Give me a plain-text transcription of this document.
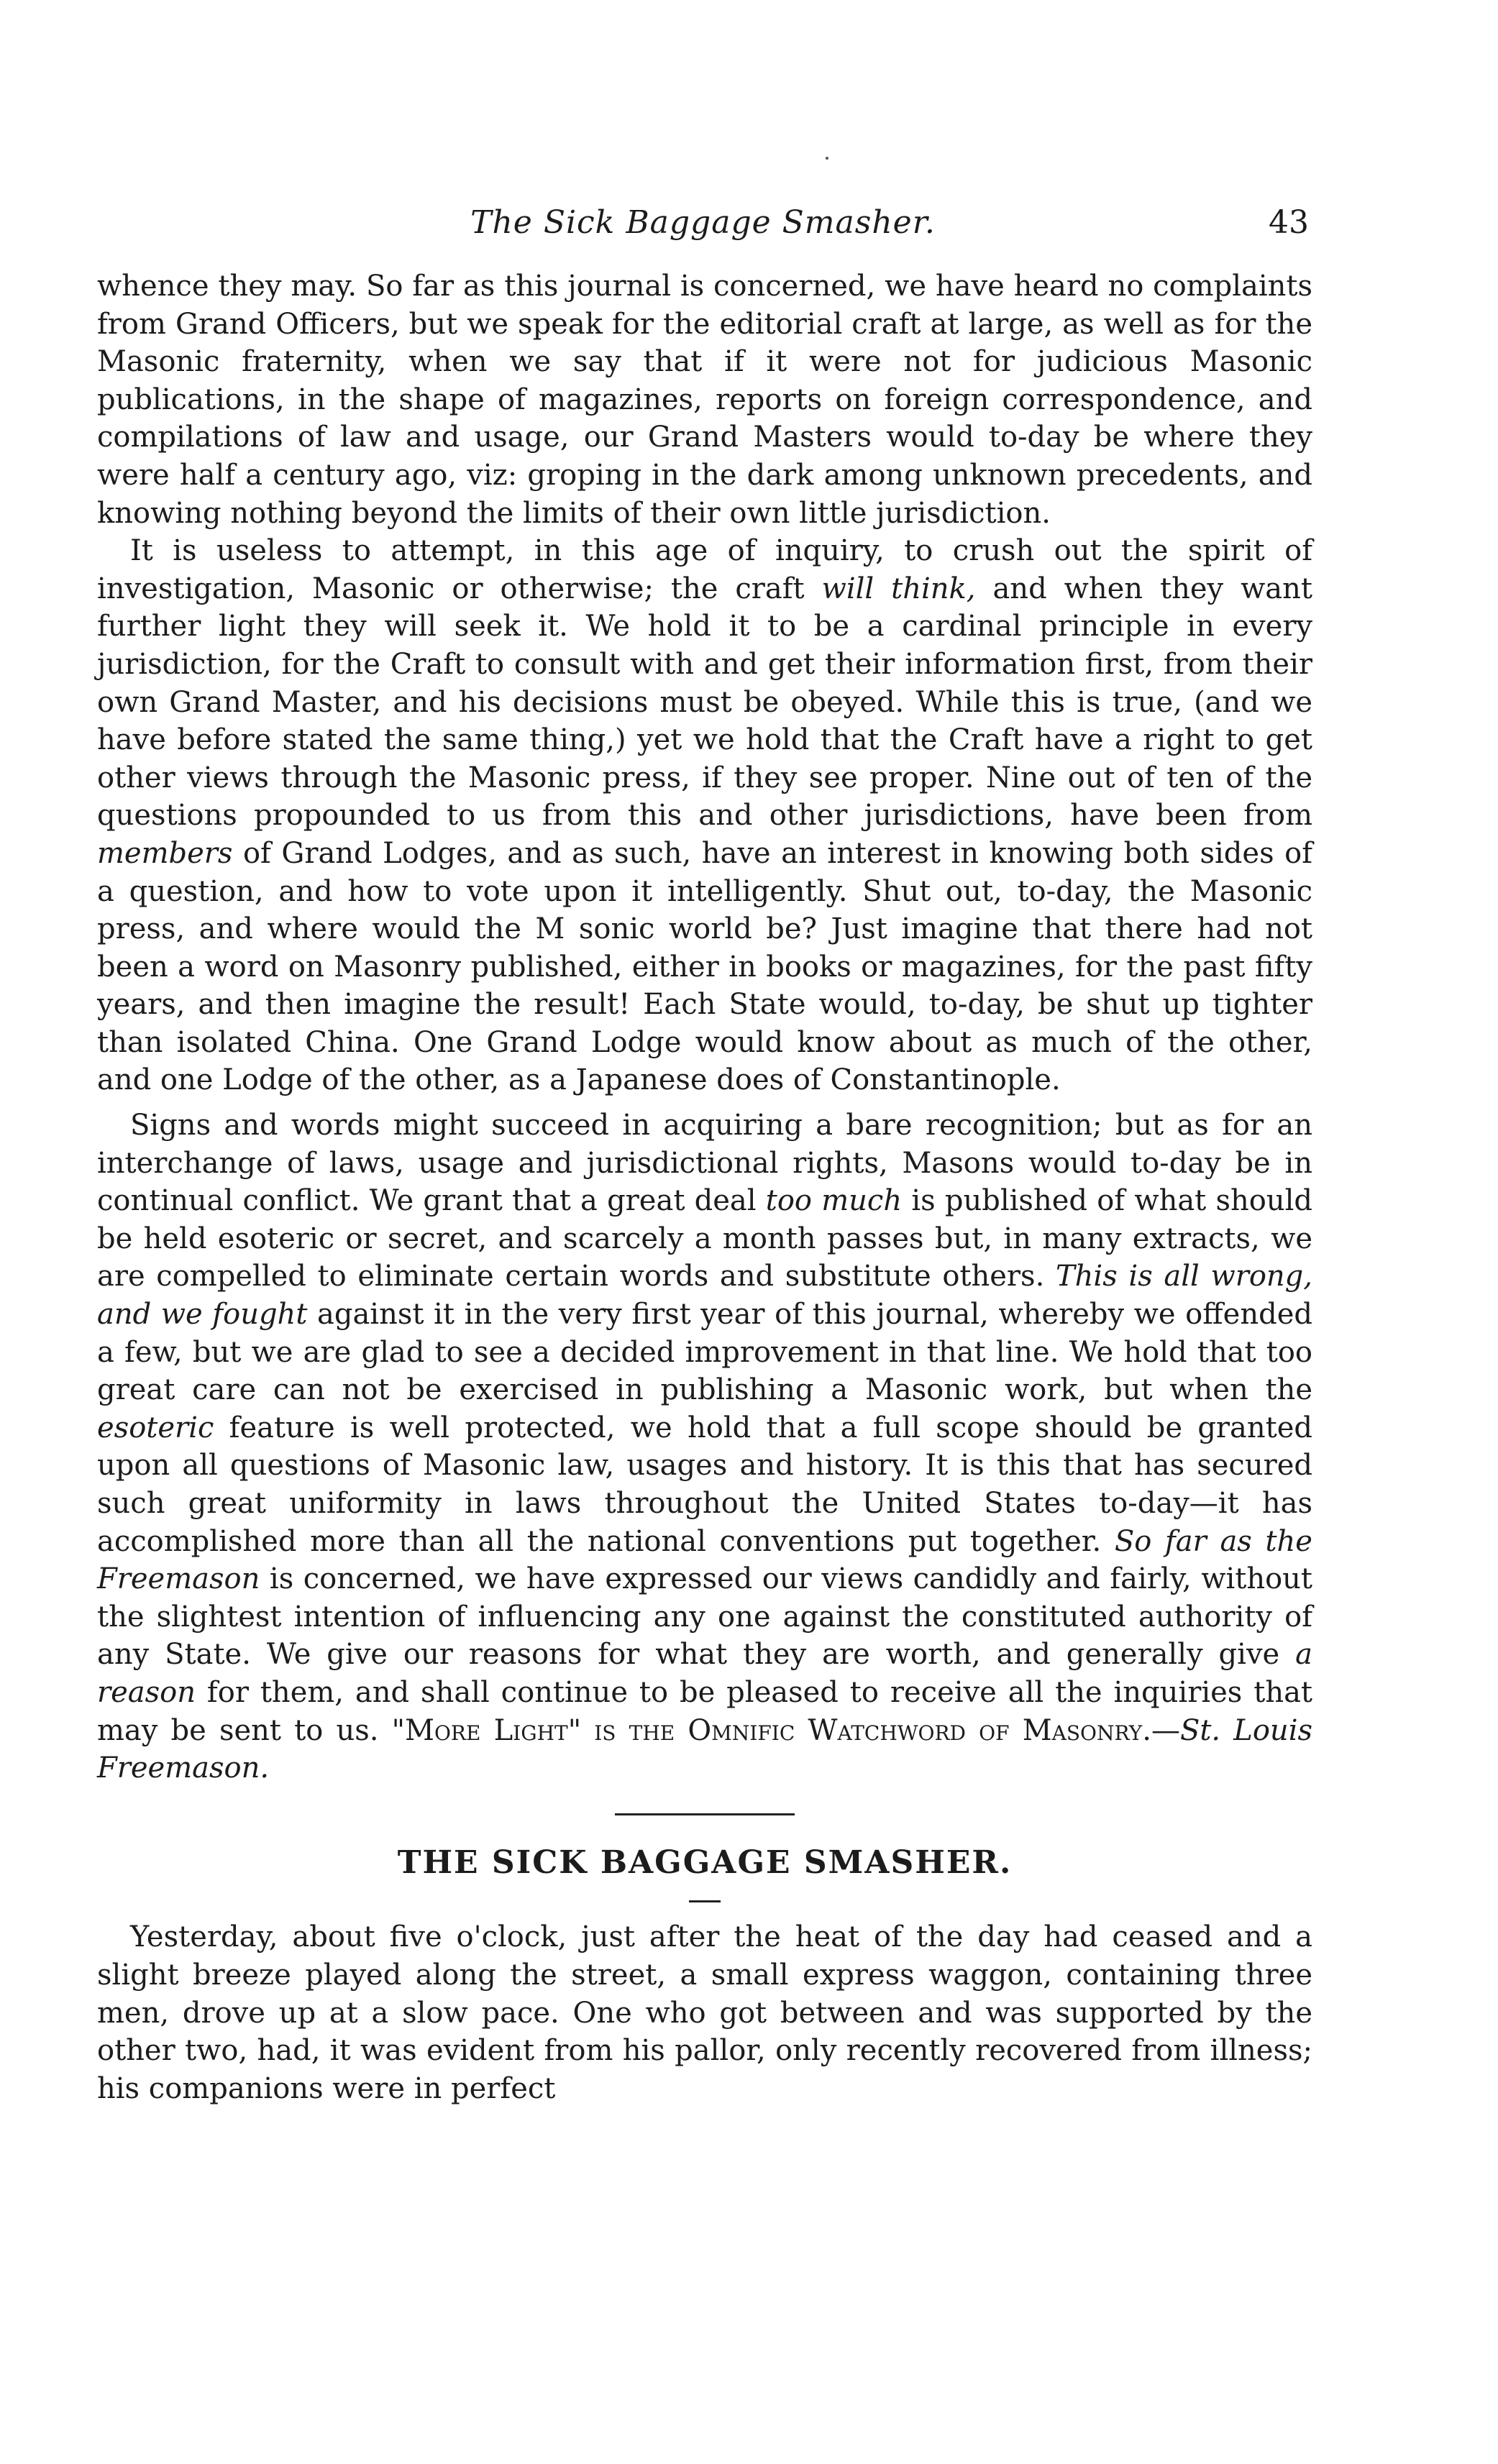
The Sick Baggage Smasher.	43

whence they may. So far as this journal is concerned, we have heard no complaints from Grand Officers, but we speak for the editorial craft at large, as well as for the Masonic fraternity, when we say that if it were not for judicious Masonic publications, in the shape of magazines, reports on foreign correspondence, and compilations of law and usage, our Grand Masters would to-day be where they were half a century ago, viz: groping in the dark among unknown precedents, and knowing nothing beyond the limits of their own little jurisdiction.

It is useless to attempt, in this age of inquiry, to crush out the spirit of investigation, Masonic or otherwise; the craft will think, and when they want further light they will seek it. We hold it to be a cardinal principle in every jurisdiction, for the Craft to consult with and get their information first, from their own Grand Master, and his decisions must be obeyed. While this is true, (and we have before stated the same thing,) yet we hold that the Craft have a right to get other views through the Masonic press, if they see proper. Nine out of ten of the questions propounded to us from this and other jurisdictions, have been from members of Grand Lodges, and as such, have an interest in knowing both sides of a question, and how to vote upon it intelligently. Shut out, to-day, the Masonic press, and where would the M sonic world be? Just imagine that there had not been a word on Masonry published, either in books or magazines, for the past fifty years, and then imagine the result! Each State would, to-day, be shut up tighter than isolated China. One Grand Lodge would know about as much of the other, and one Lodge of the other, as a Japanese does of Constantinople.

Signs and words might succeed in acquiring a bare recognition; but as for an interchange of laws, usage and jurisdictional rights, Masons would to-day be in continual conflict. We grant that a great deal too much is published of what should be held esoteric or secret, and scarcely a month passes but, in many extracts, we are compelled to eliminate certain words and substitute others. This is all wrong, and we fought against it in the very first year of this journal, whereby we offended a few, but we are glad to see a decided improvement in that line. We hold that too great care can not be exercised in publishing a Masonic work, but when the esoteric feature is well protected, we hold that a full scope should be granted upon all questions of Masonic law, usages and history. It is this that has secured such great uniformity in laws throughout the United States to-day—it has accomplished more than all the national conventions put together. So far as the Freemason is concerned, we have expressed our views candidly and fairly, without the slightest intention of influencing any one against the constituted authority of any State. We give our reasons for what they are worth, and generally give a reason for them, and shall continue to be pleased to receive all the inquiries that may be sent to us. "More Light" is the Omnific Watchword of Masonry.—St. Louis Freemason.

THE SICK BAGGAGE SMASHER.

Yesterday, about five o'clock, just after the heat of the day had ceased and a slight breeze played along the street, a small express waggon, containing three men, drove up at a slow pace. One who got between and was supported by the other two, had, it was evident from his pallor, only recently recovered from illness; his companions were in perfect
